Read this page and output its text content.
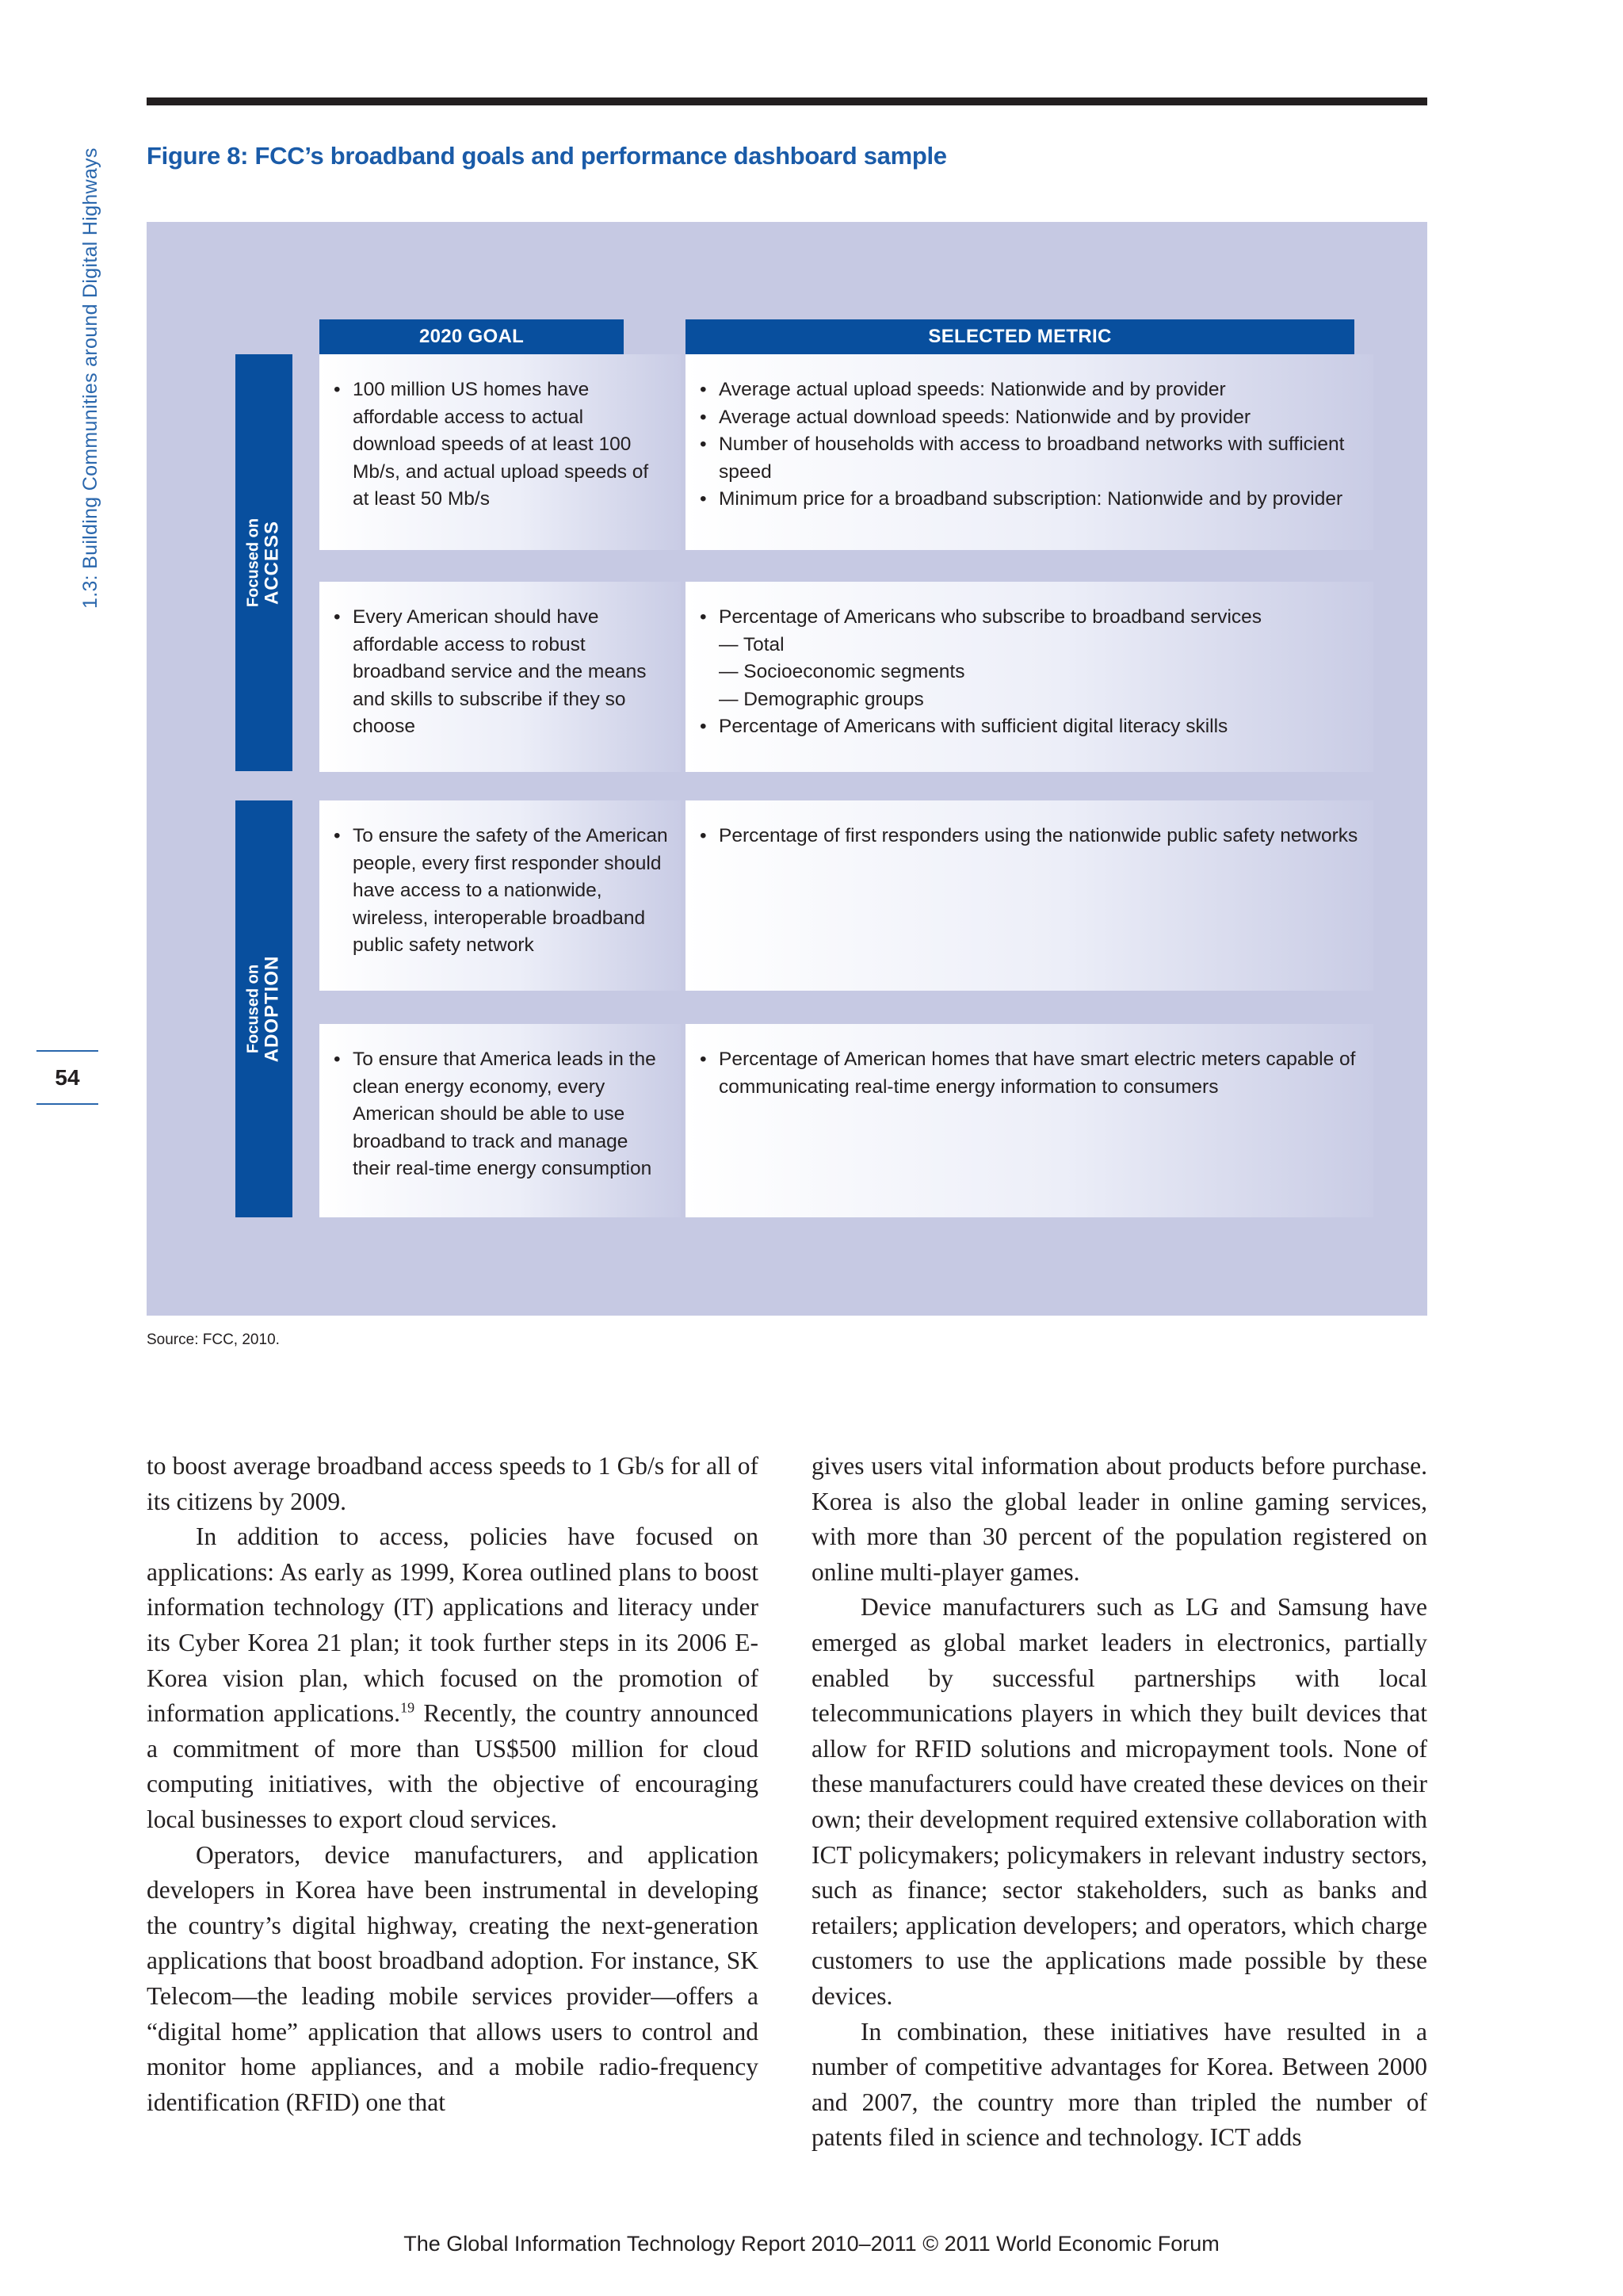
1.3: Building Communities around Digital Highways
54
Figure 8: FCC’s broadband goals and performance dashboard sample
2020 GOAL	SELECTED METRIC
Focused on ACCESS
Focused on ADOPTION
• 100 million US homes have affordable access to actual download speeds of at least 100 Mb/s, and actual upload speeds of at least 50 Mb/s
• Average actual upload speeds: Nationwide and by provider
• Average actual download speeds: Nationwide and by provider
• Number of households with access to broadband networks with sufficient speed
• Minimum price for a broadband subscription: Nationwide and by provider
• Every American should have affordable access to robust broadband service and the means and skills to subscribe if they so choose
• Percentage of Americans who subscribe to broadband services
— Total
— Socioeconomic segments
— Demographic groups
• Percentage of Americans with sufficient digital literacy skills
• To ensure the safety of the American people, every first responder should have access to a nationwide, wireless, interoperable broadband public safety network
• Percentage of first responders using the nationwide public safety networks
• To ensure that America leads in the clean energy economy, every American should be able to use broadband to track and manage their real-time energy consumption
• Percentage of American homes that have smart electric meters capable of communicating real-time energy information to consumers
Source: FCC, 2010.

to boost average broadband access speeds to 1 Gb/s for all of its citizens by 2009.

In addition to access, policies have focused on applications: As early as 1999, Korea outlined plans to boost information technology (IT) applications and literacy under its Cyber Korea 21 plan; it took further steps in its 2006 E-Korea vision plan, which focused on the promotion of information applications.$^{19}$ Recently, the country announced a commitment of more than US$500 million for cloud computing initiatives, with the objective of encouraging local businesses to export cloud services.

Operators, device manufacturers, and application developers in Korea have been instrumental in developing the country’s digital highway, creating the next-generation applications that boost broadband adoption. For instance, SK Telecom—the leading mobile services provider—offers a “digital home” application that allows users to control and monitor home appliances, and a mobile radio-frequency identification (RFID) one that

gives users vital information about products before purchase. Korea is also the global leader in online gaming services, with more than 30 percent of the population registered on online multi-player games.

Device manufacturers such as LG and Samsung have emerged as global market leaders in electronics, partially enabled by successful partnerships with local telecommunications players in which they built devices that allow for RFID solutions and micropayment tools. None of these manufacturers could have created these devices on their own; their development required extensive collaboration with ICT policymakers; policymakers in relevant industry sectors, such as finance; sector stakeholders, such as banks and retailers; application developers; and operators, which charge customers to use the applications made possible by these devices.

In combination, these initiatives have resulted in a number of competitive advantages for Korea. Between 2000 and 2007, the country more than tripled the number of patents filed in science and technology. ICT adds

The Global Information Technology Report 2010–2011 © 2011 World Economic Forum
